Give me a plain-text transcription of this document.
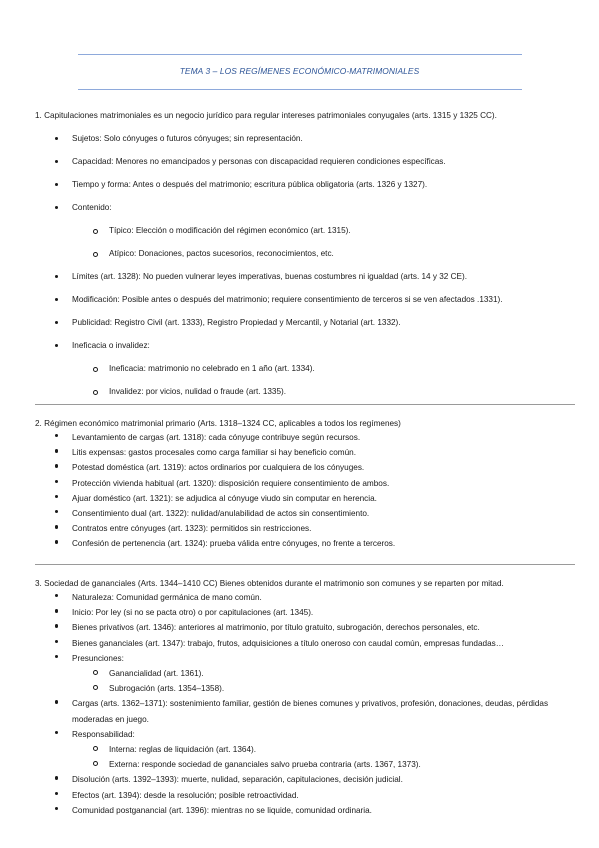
TEMA 3 – LOS REGÍMENES ECONÓMICO-MATRIMONIALES
1. Capitulaciones matrimoniales es un negocio jurídico para regular intereses patrimoniales conyugales (arts. 1315 y 1325 CC).
Sujetos: Solo cónyuges o futuros cónyuges; sin representación.
Capacidad: Menores no emancipados y personas con discapacidad requieren condiciones específicas.
Tiempo y forma: Antes o después del matrimonio; escritura pública obligatoria (arts. 1326 y 1327).
Contenido:
Típico: Elección o modificación del régimen económico (art. 1315).
Atípico: Donaciones, pactos sucesorios, reconocimientos, etc.
Límites (art. 1328): No pueden vulnerar leyes imperativas, buenas costumbres ni igualdad (arts. 14 y 32 CE).
Modificación: Posible antes o después del matrimonio; requiere consentimiento de terceros si se ven afectados .1331).
Publicidad: Registro Civil (art. 1333), Registro Propiedad y Mercantil, y Notarial (art. 1332).
Ineficacia o invalidez:
Ineficacia: matrimonio no celebrado en 1 año (art. 1334).
Invalidez: por vicios, nulidad o fraude (art. 1335).
2. Régimen económico matrimonial primario (Arts. 1318–1324 CC, aplicables a todos los regímenes)
Levantamiento de cargas (art. 1318): cada cónyuge contribuye según recursos.
Litis expensas: gastos procesales como carga familiar si hay beneficio común.
Potestad doméstica (art. 1319): actos ordinarios por cualquiera de los cónyuges.
Protección vivienda habitual (art. 1320): disposición requiere consentimiento de ambos.
Ajuar doméstico (art. 1321): se adjudica al cónyuge viudo sin computar en herencia.
Consentimiento dual (art. 1322): nulidad/anulabilidad de actos sin consentimiento.
Contratos entre cónyuges (art. 1323): permitidos sin restricciones.
Confesión de pertenencia (art. 1324): prueba válida entre cónyuges, no frente a terceros.
3. Sociedad de gananciales (Arts. 1344–1410 CC) Bienes obtenidos durante el matrimonio son comunes y se reparten por mitad.
Naturaleza: Comunidad germánica de mano común.
Inicio: Por ley (si no se pacta otro) o por capitulaciones (art. 1345).
Bienes privativos (art. 1346): anteriores al matrimonio, por título gratuito, subrogación, derechos personales, etc.
Bienes gananciales (art. 1347): trabajo, frutos, adquisiciones a título oneroso con caudal común, empresas fundadas…
Presunciones:
Ganancialidad (art. 1361).
Subrogación (arts. 1354–1358).
Cargas (arts. 1362–1371): sostenimiento familiar, gestión de bienes comunes y privativos, profesión, donaciones, deudas, pérdidas moderadas en juego.
Responsabilidad:
Interna: reglas de liquidación (art. 1364).
Externa: responde sociedad de gananciales salvo prueba contraria (arts. 1367, 1373).
Disolución (arts. 1392–1393): muerte, nulidad, separación, capitulaciones, decisión judicial.
Efectos (art. 1394): desde la resolución; posible retroactividad.
Comunidad postganancial (art. 1396): mientras no se liquide, comunidad ordinaria.
